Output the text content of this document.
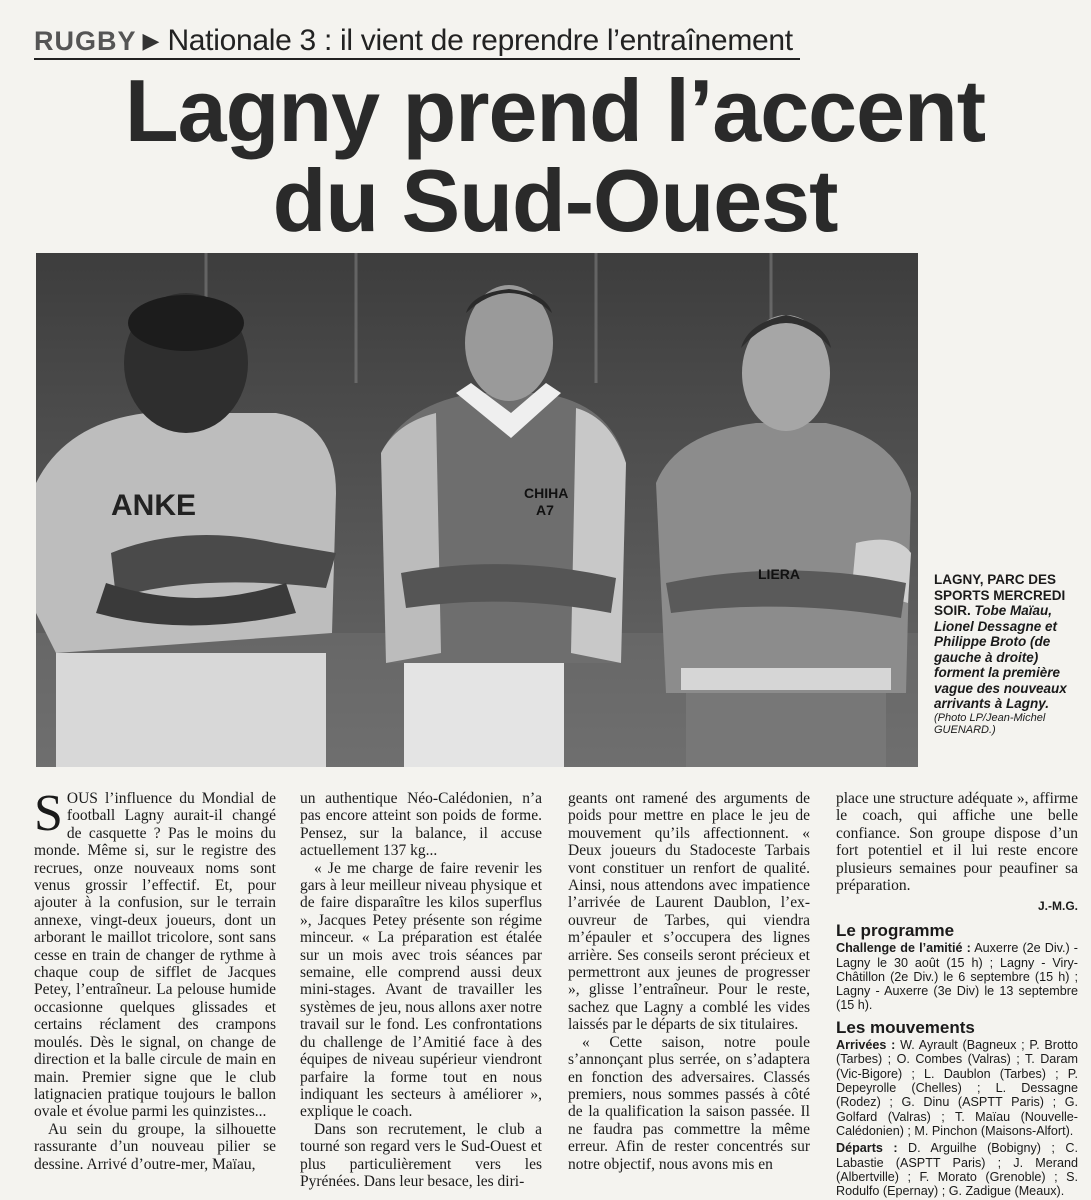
RUGBY ▶ Nationale 3 : il vient de reprendre l’entraînement
Lagny prend l’accent
du Sud-Ouest
ANKE	CHIHA
A7
LIERA	LAGNY, PARC DES SPORTS MERCREDI SOIR. Tobe Maïau, Lionel Dessagne et Philippe Broto (de gauche à droite) forment la première vague des nouveaux arrivants à Lagny.
(Photo LP/Jean-Michel GUENARD.)

SOUS l’influence du Mondial de football Lagny aurait-il changé de casquette ? Pas le moins du monde. Même si, sur le registre des recrues, onze nouveaux noms sont venus grossir l’effectif. Et, pour ajouter à la confusion, sur le terrain annexe, vingt-deux joueurs, dont un arborant le maillot tricolore, sont sans cesse en train de changer de rythme à chaque coup de sifflet de Jacques Petey, l’entraîneur. La pelouse humide occasionne quelques glissades et certains réclament des crampons moulés. Dès le signal, on change de direction et la balle circule de main en main. Premier signe que le club latignacien pratique toujours le ballon ovale et évolue parmi les quinzistes...

Au sein du groupe, la silhouette rassurante d’un nouveau pilier se dessine. Arrivé d’outre-mer, Maïau,

un authentique Néo-Calédonien, n’a pas encore atteint son poids de forme. Pensez, sur la balance, il accuse actuellement 137 kg...

« Je me charge de faire revenir les gars à leur meilleur niveau physique et de faire disparaître les kilos superflus », Jacques Petey présente son régime minceur. « La préparation est étalée sur un mois avec trois séances par semaine, elle comprend aussi deux mini-stages. Avant de travailler les systèmes de jeu, nous allons axer notre travail sur le fond. Les confrontations du challenge de l’Amitié face à des équipes de niveau supérieur viendront parfaire la forme tout en nous indiquant les secteurs à améliorer », explique le coach.

Dans son recrutement, le club a tourné son regard vers le Sud-Ouest et plus particulièrement vers les Pyrénées. Dans leur besace, les diri-

geants ont ramené des arguments de poids pour mettre en place le jeu de mouvement qu’ils affectionnent. « Deux joueurs du Stadoceste Tarbais vont constituer un renfort de qualité. Ainsi, nous attendons avec impatience l’arrivée de Laurent Daublon, l’ex-ouvreur de Tarbes, qui viendra m’épauler et s’occupera des lignes arrière. Ses conseils seront précieux et permettront aux jeunes de progresser », glisse l’entraîneur. Pour le reste, sachez que Lagny a comblé les vides laissés par le départs de six titulaires.

« Cette saison, notre poule s’annonçant plus serrée, on s’adaptera en fonction des adversaires. Classés premiers, nous sommes passés à côté de la qualification la saison passée. Il ne faudra pas commettre la même erreur. Afin de rester concentrés sur notre objectif, nous avons mis en

place une structure adéquate », affirme le coach, qui affiche une belle confiance. Son groupe dispose d’un fort potentiel et il lui reste encore plusieurs semaines pour peaufiner sa préparation.

J.-M.G.
Le programme
Challenge de l’amitié : Auxerre (2e Div.) - Lagny le 30 août (15 h) ; Lagny - Viry-Châtillon (2e Div.) le 6 septembre (15 h) ; Lagny - Auxerre (3e Div) le 13 septembre (15 h).
Les mouvements
Arrivées : W. Ayrault (Bagneux ; P. Brotto (Tarbes) ; O. Combes (Valras) ; T. Daram (Vic-Bigore) ; L. Daublon (Tarbes) ; P. Depeyrolle (Chelles) ; L. Dessagne (Rodez) ; G. Dinu (ASPTT Paris) ; G. Golfard (Valras) ; T. Maïau (Nouvelle-Calédonien) ; M. Pinchon (Maisons-Alfort).
Départs : D. Arguilhe (Bobigny) ; C. Labastie (ASPTT Paris) ; J. Merand (Albertville) ; F. Morato (Grenoble) ; S. Rodulfo (Epernay) ; G. Zadigue (Meaux).
